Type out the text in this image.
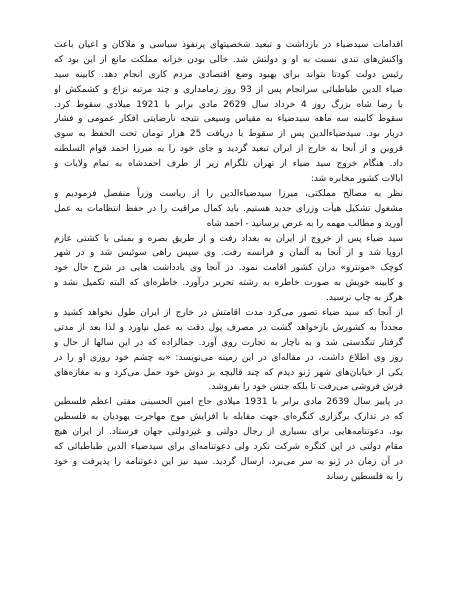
اقدامات سیدضیاء در بازداشت و تبعید شخصیتهای پرنفوذ سیاسی و ملاکان و اعیان باعث
واکنش‌های تندی نسبت به او و دولتش شد. خالی بودن خزانه مملکت مانع از این بود که
رئیس دولت کودتا بتواند برای بهبود وضع اقتصادی مردم کاری انجام دهد. کابینه سید
ضیاء الدین طباطبائی سرانجام پس از 93 روز زمامداری و چند مرتبه نزاع و کشمکش او
با رضا شاه بزرگ روز 4 خرداد سال 2629 مادی برابر با 1921 میلادی سقوط کرد.
سقوط کابینه سه ماهه سیدضیاء به مقیاس وسیعی نتیجه نارضایتی افکار عمومی و فشار
دربار بود. سیدضیاءالدین پس از سقوط با دریافت 25 هزار تومان تحت الحفظ به سوی
قزوین و از آنجا به خارج از ایران تبعید گردید و جای خود را به میرزا احمد قوام السلطنه
داد. هنگام خروج سید ضیاء از تهران تلگرام زیر از طرف احمدشاه به تمام ولایات و
ایالات کشور مخابره شد:
نظر به مصالح مملکتی، میرزا سیدضیاءالدین را از ریاست وزراً منفصل فرمودیم و
مشغول تشکیل هیأت وزرای جدید هستیم. باید کمال مراقبت را در حفظ انتظامات به عمل
آورید و مطالب مهمه را به عرض برسانید - احمد شاه
سید ضیاء پس از خروج از ایران به بغداد رفت و از طریق بصره و بمبئی با کشتی عازم
اروپا شد و از آنجا به آلمان و فرانسه رفت. وی سپس راهی سوئیس شد و در شهر
کوچک «مونترو» دران کشور اقامت نمود. در آنجا وی یادداشت هایی در شرح حال خود
و کابینه خویش به صورت خاطره به رشته تحریر درآورد. خاطره‌ای که البته تکمیل نشد و
هرگز به چاپ نرسید.
از آنجا که سید ضیاء تصور می‌کرد مدت اقامتش در خارج از ایران طول نخواهد کشید و
مجدداً به کشورش بازخواهد گشت در مصرف پول دقت به عمل نیاورد و لذا بعد از مدتی
گرفتار تنگدستی شد و به ناچار به تجارت روی آورد. جمالزاده که در این سالها از حال و
روز وی اطلاع داشت، در مقاله‌ای در این زمینه می‌نویسد: «به چشم خود روزی او را در
یکی از خیابان‌های شهر ژنو دیدم که چند قالیچه بر دوش خود حمل می‌کرد و به مغازه‌های
فرش فروشی می‌رفت تا بلکه جنس خود را بفروشد.
در پاییز سال 2639 مادی برابر با 1931 میلادی حاج امین الحسینی مفتی اعظم فلسطین
که در تدارک برگزاری کنگره‌ای جهت مقابله با افزایش موج مهاجرت یهودیان به فلسطین
بود، دعوتنامه‌هایی برای بسیاری از رجال دولتی و غیردولتی جهان فرستاد. از ایران هیچ
مقام دولتی در این کنگره شرکت نکرد ولی دعوتنامه‌ای برای سیدضیاء الدین طباطبائی که
در آن زمان در ژنو به سر می‌برد، ارسال گردید. سید نیز این دعوتنامه را پذیرفت و خود
را به فلسطین رساند
